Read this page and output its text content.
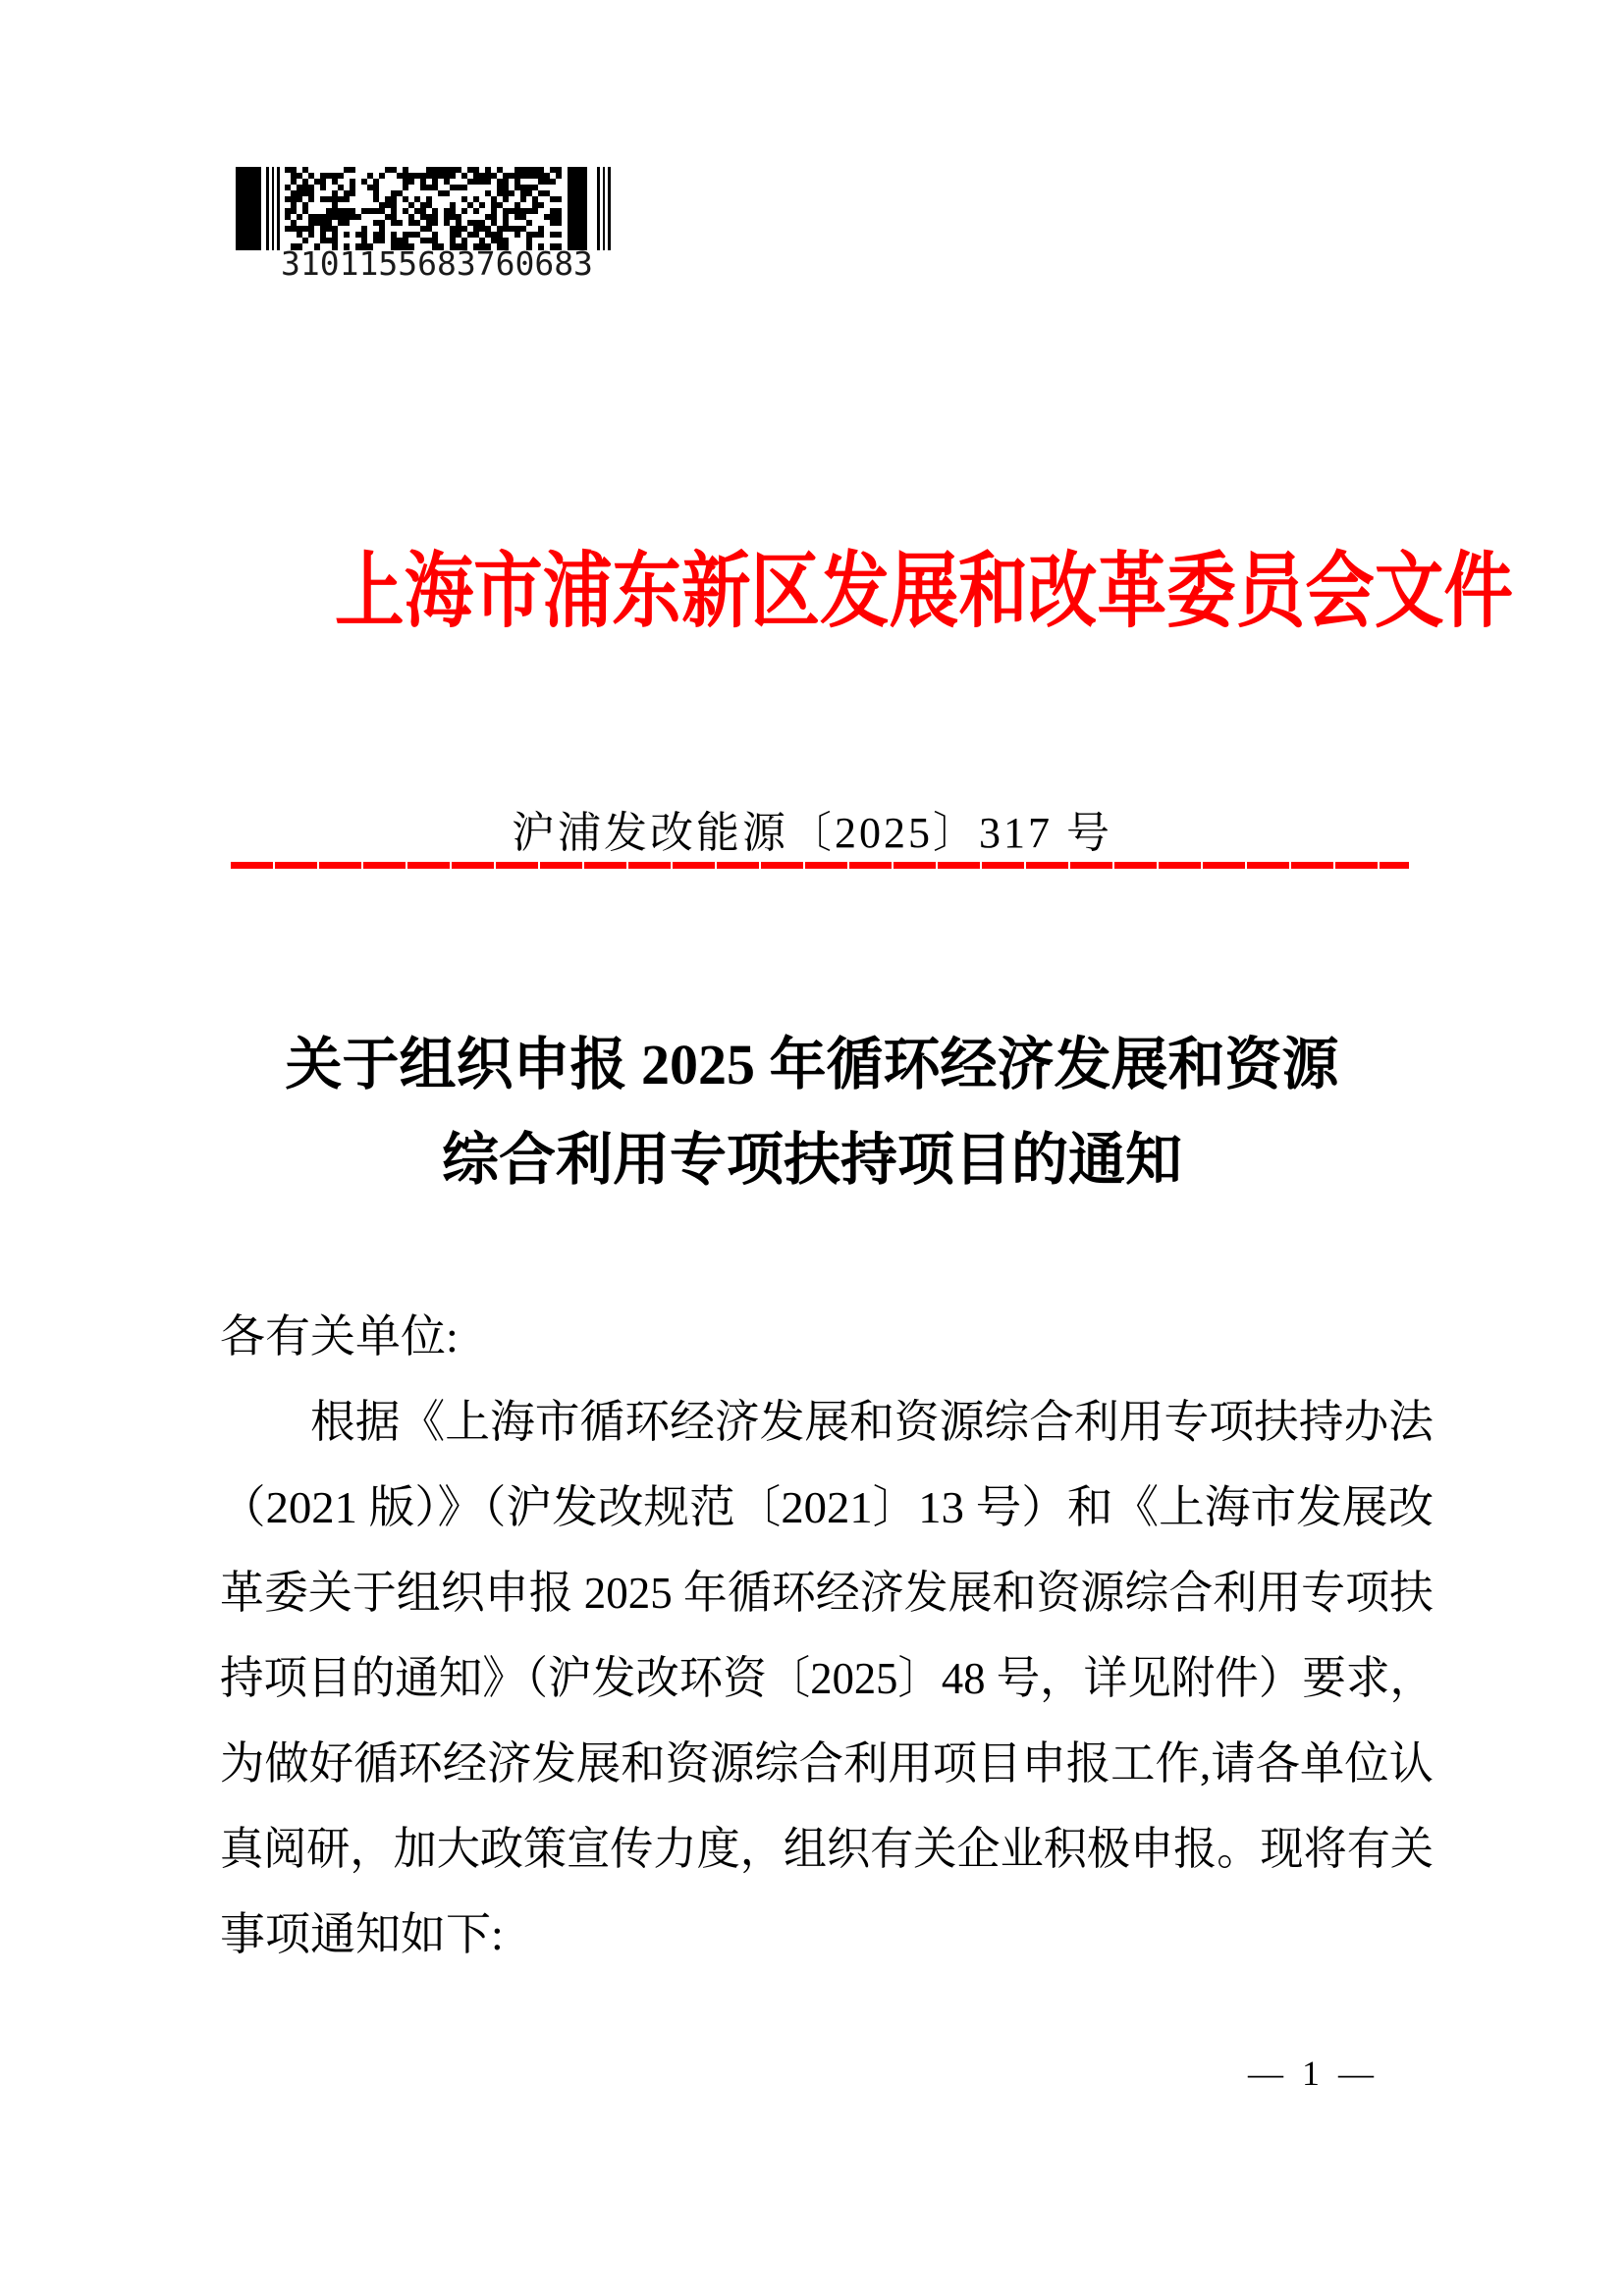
3101155683760683
上海市浦东新区发展和改革委员会文件
沪浦发改能源〔2025〕317 号
关于组织申报 2025 年循环经济发展和资源
综合利用专项扶持项目的通知
各有关单位:
根据《上海市循环经济发展和资源综合利用专项扶持办法
（2021 版）》（沪发改规范〔2021〕13 号）和《上海市发展改
革委关于组织申报 2025 年循环经济发展和资源综合利用专项扶
持项目的通知》（沪发改环资〔2025〕48 号，详见附件）要求，
为做好循环经济发展和资源综合利用项目申报工作,请各单位认
真阅研，加大政策宣传力度，组织有关企业积极申报。现将有关
事项通知如下:
— 1 —
